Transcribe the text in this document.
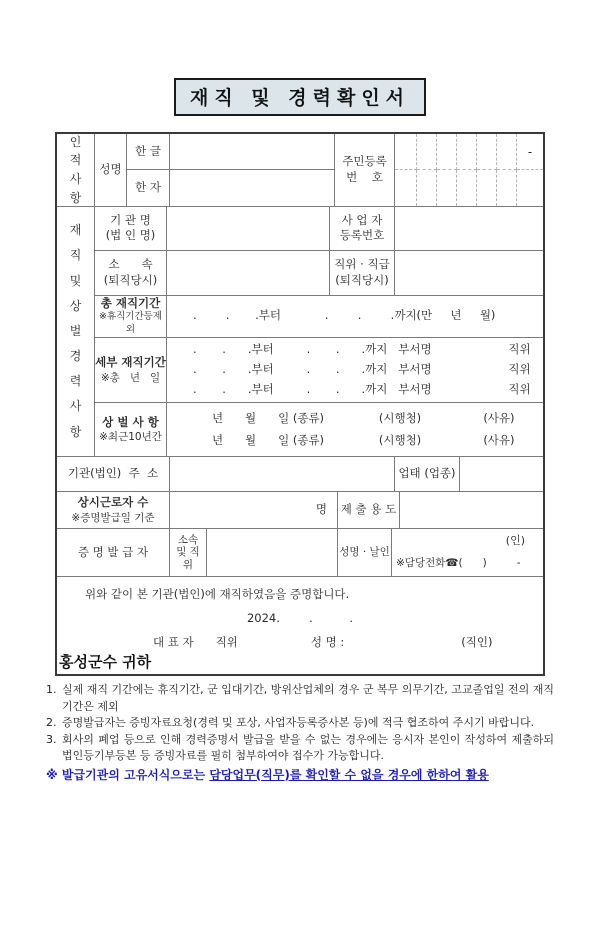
재직 및 경력확인서
인적사항
성명
한 글
한 자
주민등록
번    호
-
재직및상벌경력사항
기 관 명
(법 인 명)
사 업 자
등록번호
소      속
(퇴직당시)
직위 · 직급
(퇴직당시)
총 재직기간
※휴직기간등제외
.        .       .부터            .        .        .까지(만     년     월)
세부 재직기간
※총   년   일
.       .      .부터         .       .      .까지   부서명                     직위
.       .      .부터         .       .      .까지   부서명                     직위
.       .      .부터         .       .      .까지   부서명                     직위
상 벌 사 항
※최근10년간
년      월      일 (종류)               (시행청)                 (사유)
년      월      일 (종류)               (시행청)                 (사유)
기관(법인)  주  소	업태 (업종)
상시근로자 수
※증명발급일 기준
명 제 출 용 도
증 명 발 급 자
소속 및 직위
성명 · 날인
(인)
※담당전화☎(      )         -
위와 같이 본 기관(법인)에 재직하였음을 증명합니다.
2024.        .          .
대 표 자      직위                    성 명 :                                (직인)
홍성군수 귀하
1. 실제 재직 기간에는 휴직기간, 군 입대기간, 방위산업체의 경우 군 복무 의무기간, 고교졸업일 전의 재직기간은 제외
2. 증명발급자는 증빙자료요청(경력 및 포상, 사업자등록증사본 등)에 적극 협조하여 주시기 바랍니다.
3. 회사의 폐업 등으로 인해 경력증명서 발급을 받을 수 없는 경우에는 응시자 본인이 작성하여 제출하되 법인등기부등본 등 증빙자료를 필히 첨부하여야 접수가 가능합니다.
※ 발급기관의 고유서식으로는 담당업무(직무)를 확인할 수 없을 경우에 한하여 활용
